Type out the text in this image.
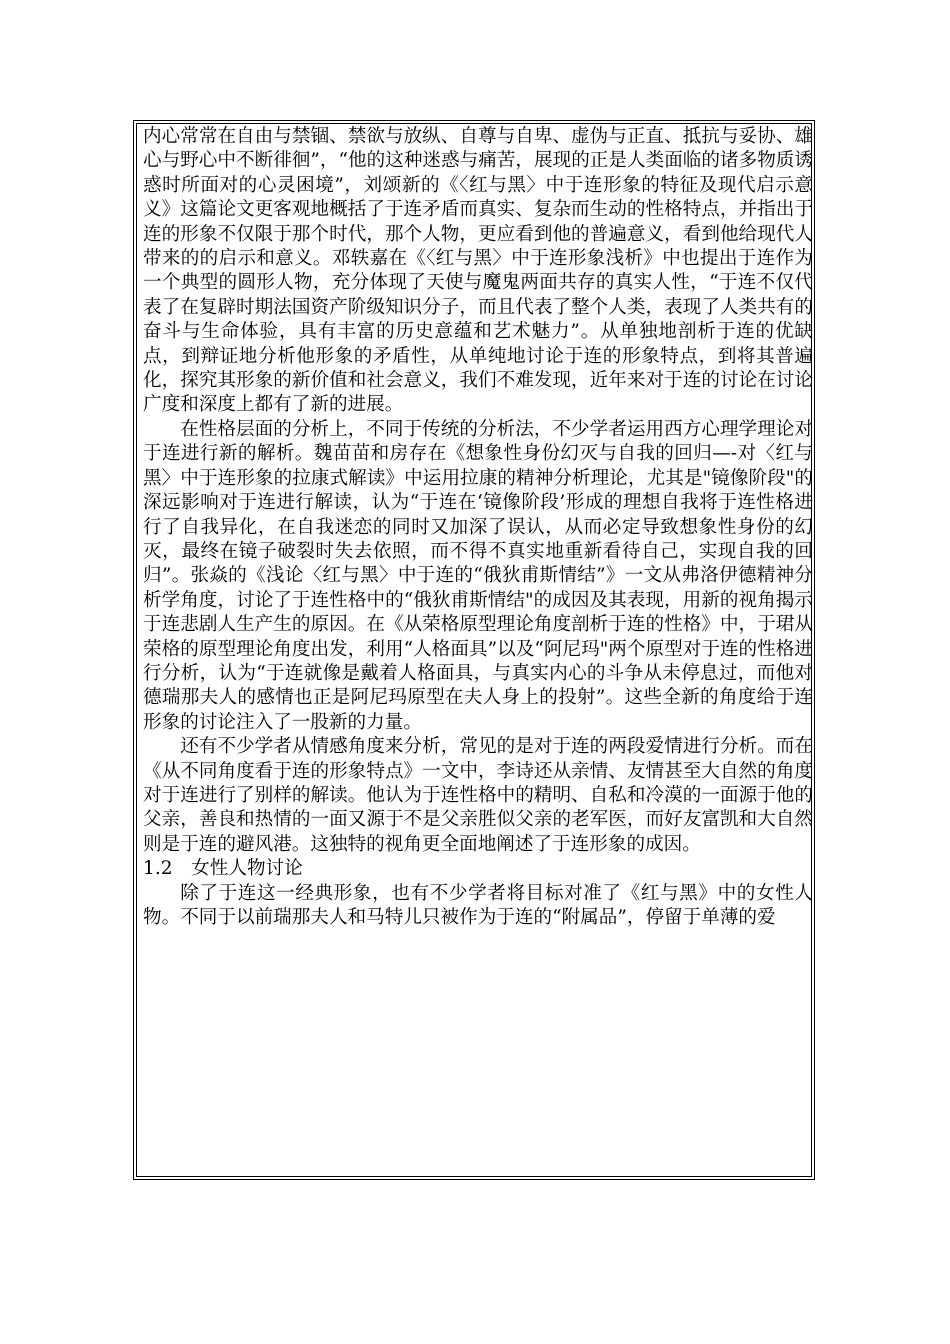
内心常常在自由与禁锢、禁欲与放纵、自尊与自卑、虚伪与正直、抵抗与妥协、雄心与野心中不断徘徊”，“他的这种迷惑与痛苦，展现的正是人类面临的诸多物质诱惑时所面对的心灵困境”，刘颂新的《〈红与黑〉中于连形象的特征及现代启示意义》这篇论文更客观地概括了于连矛盾而真实、复杂而生动的性格特点，并指出于连的形象不仅限于那个时代，那个人物，更应看到他的普遍意义，看到他给现代人带来的的启示和意义。邓轶嘉在《〈红与黑〉中于连形象浅析》中也提出于连作为一个典型的圆形人物，充分体现了天使与魔鬼两面共存的真实人性，“于连不仅代表了在复辟时期法国资产阶级知识分子，而且代表了整个人类，表现了人类共有的奋斗与生命体验，具有丰富的历史意蕴和艺术魅力”。从单独地剖析于连的优缺点，到辩证地分析他形象的矛盾性，从单纯地讨论于连的形象特点，到将其普遍化，探究其形象的新价值和社会意义，我们不难发现，近年来对于连的讨论在讨论广度和深度上都有了新的进展。

在性格层面的分析上，不同于传统的分析法，不少学者运用西方心理学理论对于连进行新的解析。魏苗苗和房存在《想象性身份幻灭与自我的回归—-对〈红与黑〉中于连形象的拉康式解读》中运用拉康的精神分析理论，尤其是"镜像阶段"的深远影响对于连进行解读，认为“于连在‘镜像阶段’形成的理想自我将于连性格进行了自我异化，在自我迷恋的同时又加深了误认，从而必定导致想象性身份的幻灭，最终在镜子破裂时失去依照，而不得不真实地重新看待自己，实现自我的回归”。张焱的《浅论〈红与黑〉中于连的“俄狄甫斯情结”》一文从弗洛伊德精神分析学角度，讨论了于连性格中的“俄狄甫斯情结"的成因及其表现，用新的视角揭示于连悲剧人生产生的原因。在《从荣格原型理论角度剖析于连的性格》中，于珺从荣格的原型理论角度出发，利用“人格面具”以及“阿尼玛"两个原型对于连的性格进行分析，认为“于连就像是戴着人格面具，与真实内心的斗争从未停息过，而他对德瑞那夫人的感情也正是阿尼玛原型在夫人身上的投射”。这些全新的角度给于连形象的讨论注入了一股新的力量。

还有不少学者从情感角度来分析，常见的是对于连的两段爱情进行分析。而在《从不同角度看于连的形象特点》一文中，李诗还从亲情、友情甚至大自然的角度对于连进行了别样的解读。他认为于连性格中的精明、自私和冷漠的一面源于他的父亲，善良和热情的一面又源于不是父亲胜似父亲的老军医，而好友富凯和大自然则是于连的避风港。这独特的视角更全面地阐述了于连形象的成因。

1.2　女性人物讨论

除了于连这一经典形象，也有不少学者将目标对准了《红与黑》中的女性人物。不同于以前瑞那夫人和马特儿只被作为于连的“附属品”，停留于单薄的爱
